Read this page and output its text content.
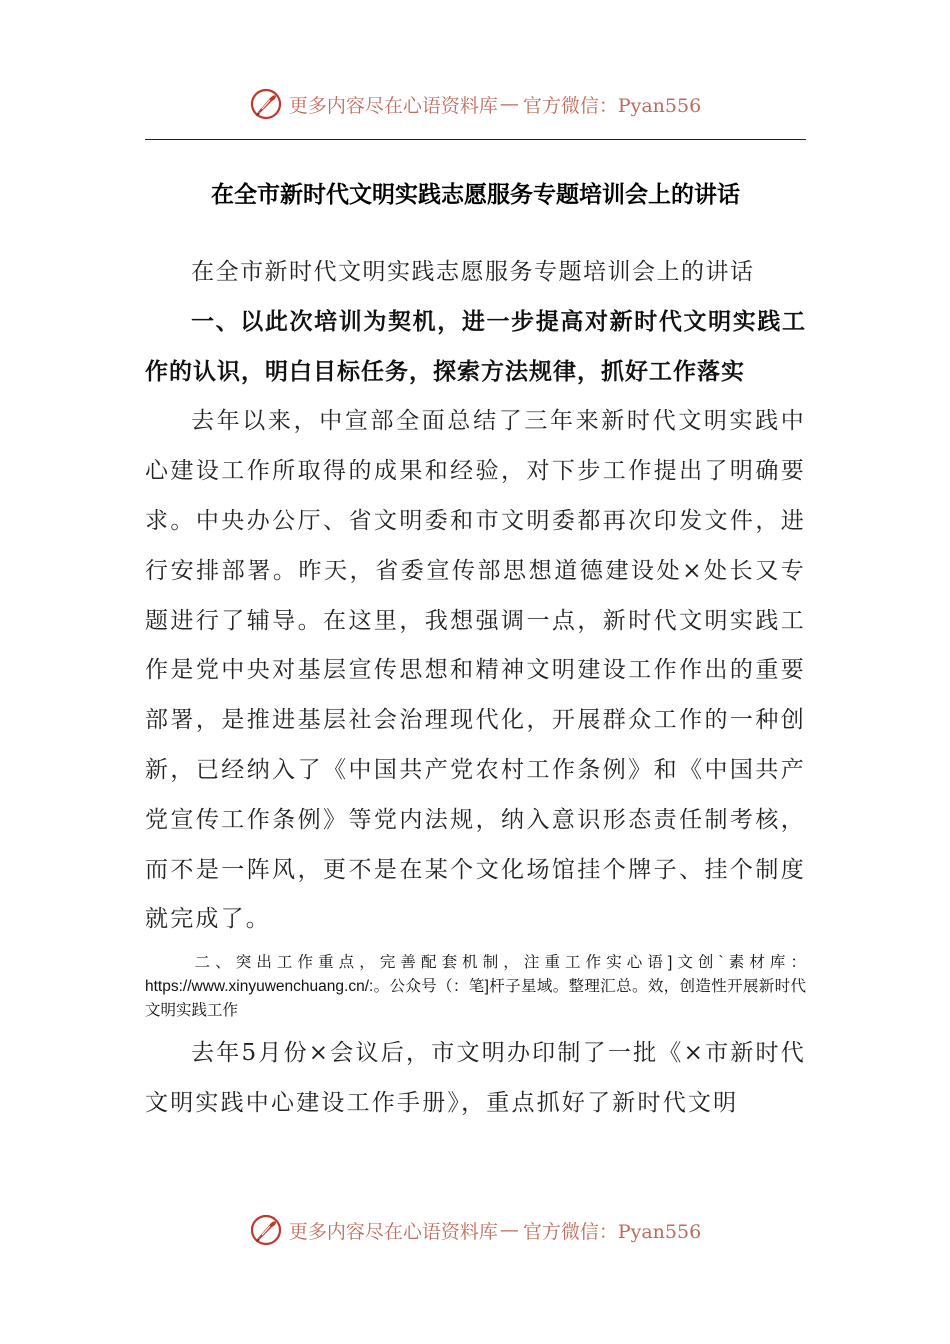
更多内容尽在心语资料库 — 官方微信：Pyan556
在全市新时代文明实践志愿服务专题培训会上的讲话

在全市新时代文明实践志愿服务专题培训会上的讲话

一、以此次培训为契机，进一步提高对新时代文明实践工作的认识，明白目标任务，探索方法规律，抓好工作落实

去年以来，中宣部全面总结了三年来新时代文明实践中心建设工作所取得的成果和经验，对下步工作提出了明确要求。中央办公厅、省文明委和市文明委都再次印发文件，进行安排部署。昨天，省委宣传部思想道德建设处×处长又专题进行了辅导。在这里，我想强调一点，新时代文明实践工作是党中央对基层宣传思想和精神文明建设工作作出的重要部署，是推进基层社会治理现代化，开展群众工作的一种创新，已经纳入了《中国共产党农村工作条例》和《中国共产党宣传工作条例》等党内法规，纳入意识形态责任制考核，而不是一阵风，更不是在某个文化场馆挂个牌子、挂个制度就完成了。

二、突出工作重点，完善配套机制，注重工作实心语]文创`素材库：https://www.xinyuwenchuang.cn/:。公众号（：笔]杆子星域。整理汇总。效，创造性开展新时代文明实践工作

去年5月份×会议后，市文明办印制了一批《×市新时代文明实践中心建设工作手册》，重点抓好了新时代文明

更多内容尽在心语资料库 — 官方微信：Pyan556
